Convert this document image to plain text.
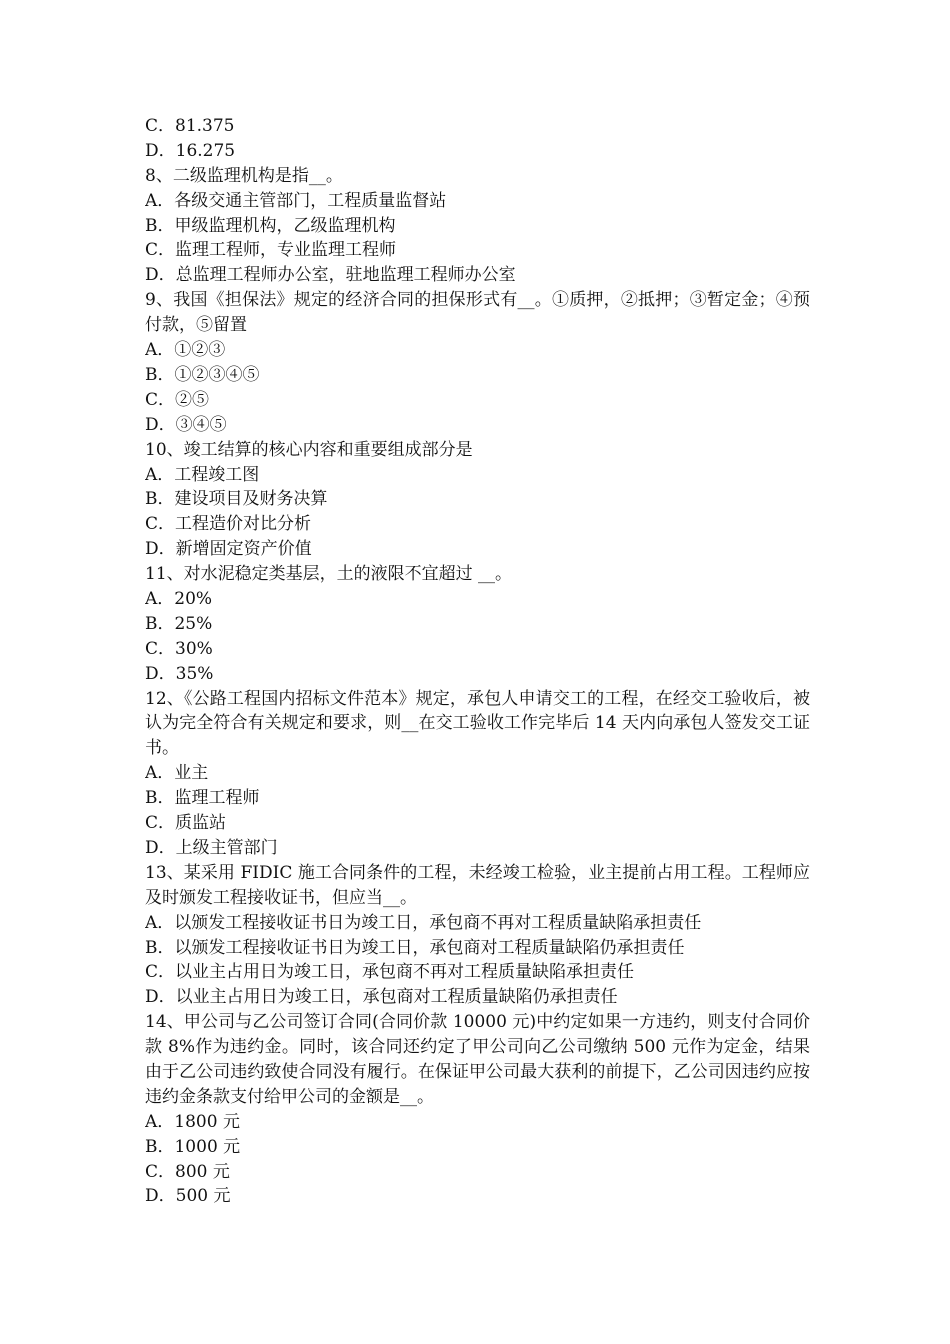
C．81.375
D．16.275
8、二级监理机构是指__。
A．各级交通主管部门，工程质量监督站
B．甲级监理机构，乙级监理机构
C．监理工程师，专业监理工程师
D．总监理工程师办公室，驻地监理工程师办公室
9、我国《担保法》规定的经济合同的担保形式有__。①质押，②抵押；③暂定金；④预付款，⑤留置
A．①②③
B．①②③④⑤
C．②⑤
D．③④⑤
10、竣工结算的核心内容和重要组成部分是
A．工程竣工图
B．建设项目及财务决算
C．工程造价对比分析
D．新增固定资产价值
11、对水泥稳定类基层，土的液限不宜超过 __。
A．20%
B．25%
C．30%
D．35%
12、《公路工程国内招标文件范本》规定，承包人申请交工的工程，在经交工验收后，被认为完全符合有关规定和要求，则__在交工验收工作完毕后 14 天内向承包人签发交工证书。
A．业主
B．监理工程师
C．质监站
D．上级主管部门
13、某采用 FIDIC 施工合同条件的工程，未经竣工检验，业主提前占用工程。工程师应及时颁发工程接收证书，但应当__。
A．以颁发工程接收证书日为竣工日，承包商不再对工程质量缺陷承担责任
B．以颁发工程接收证书日为竣工日，承包商对工程质量缺陷仍承担责任
C．以业主占用日为竣工日，承包商不再对工程质量缺陷承担责任
D．以业主占用日为竣工日，承包商对工程质量缺陷仍承担责任
14、甲公司与乙公司签订合同(合同价款 10000 元)中约定如果一方违约，则支付合同价款 8%作为违约金。同时，该合同还约定了甲公司向乙公司缴纳 500 元作为定金，结果由于乙公司违约致使合同没有履行。在保证甲公司最大获利的前提下，乙公司因违约应按违约金条款支付给甲公司的金额是__。
A．1800 元
B．1000 元
C．800 元
D．500 元
